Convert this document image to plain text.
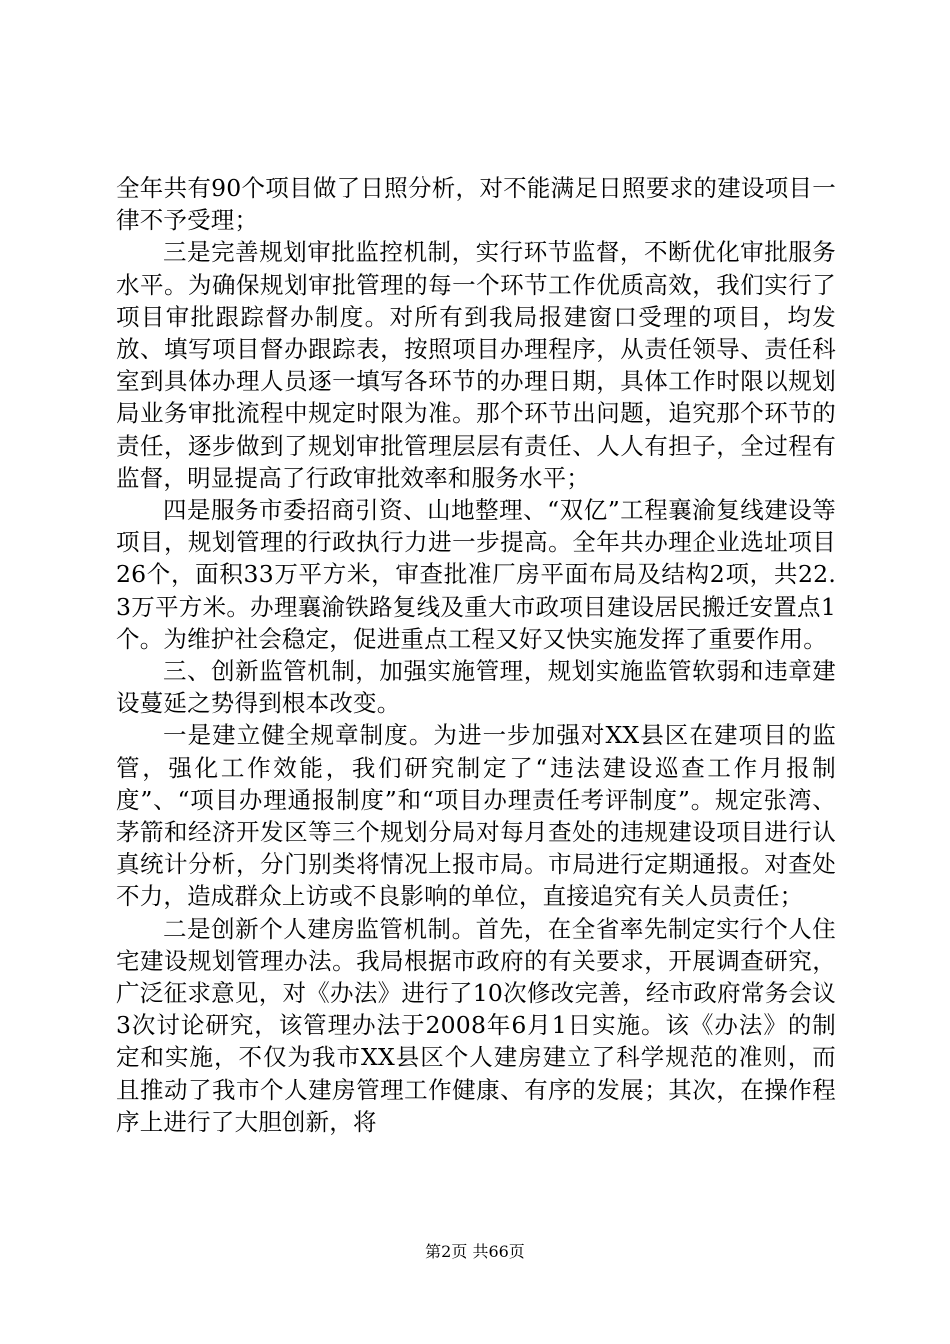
全年共有90个项目做了日照分析，对不能满足日照要求的建设项目一律不予受理；

三是完善规划审批监控机制，实行环节监督，不断优化审批服务水平。为确保规划审批管理的每一个环节工作优质高效，我们实行了项目审批跟踪督办制度。对所有到我局报建窗口受理的项目，均发放、填写项目督办跟踪表，按照项目办理程序，从责任领导、责任科室到具体办理人员逐一填写各环节的办理日期，具体工作时限以规划局业务审批流程中规定时限为准。那个环节出问题，追究那个环节的责任，逐步做到了规划审批管理层层有责任、人人有担子，全过程有监督，明显提高了行政审批效率和服务水平；

四是服务市委招商引资、山地整理、“双亿”工程襄渝复线建设等项目，规划管理的行政执行力进一步提高。全年共办理企业选址项目26个，面积33万平方米，审查批准厂房平面布局及结构2项，共22.3万平方米。办理襄渝铁路复线及重大市政项目建设居民搬迁安置点1个。为维护社会稳定，促进重点工程又好又快实施发挥了重要作用。

三、创新监管机制，加强实施管理，规划实施监管软弱和违章建设蔓延之势得到根本改变。

一是建立健全规章制度。为进一步加强对XX县区在建项目的监管，强化工作效能，我们研究制定了“违法建设巡查工作月报制度”、“项目办理通报制度”和“项目办理责任考评制度”。规定张湾、茅箭和经济开发区等三个规划分局对每月查处的违规建设项目进行认真统计分析，分门别类将情况上报市局。市局进行定期通报。对查处不力，造成群众上访或不良影响的单位，直接追究有关人员责任；

二是创新个人建房监管机制。首先，在全省率先制定实行个人住宅建设规划管理办法。我局根据市政府的有关要求，开展调查研究，广泛征求意见，对《办法》进行了10次修改完善，经市政府常务会议3次讨论研究，该管理办法于2008年6月1日实施。该《办法》的制定和实施，不仅为我市XX县区个人建房建立了科学规范的准则，而且推动了我市个人建房管理工作健康、有序的发展；其次，在操作程序上进行了大胆创新，将

第2页 共66页
